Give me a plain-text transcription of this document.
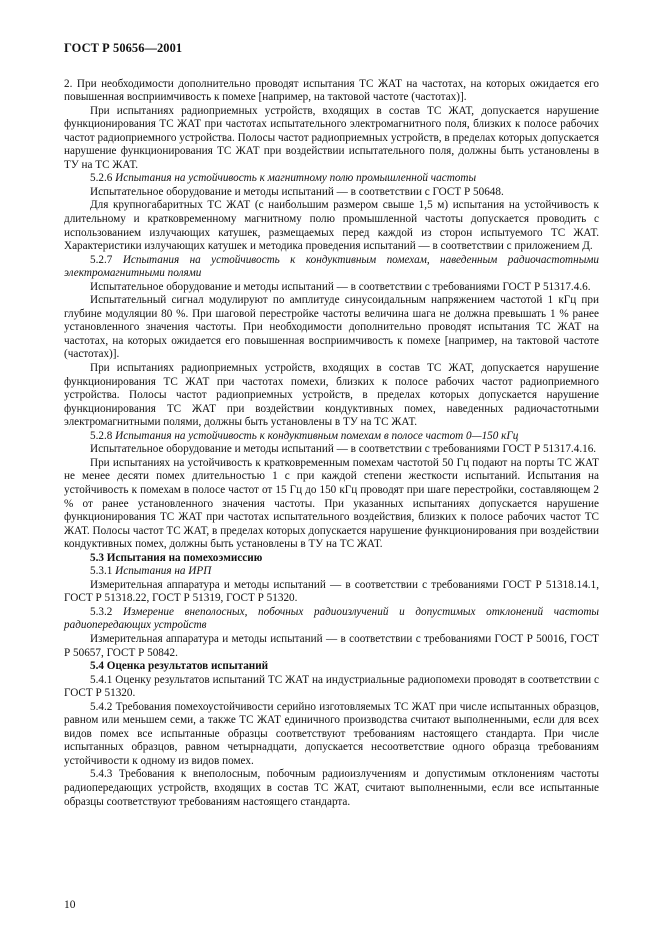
ГОСТ Р 50656—2001

2. При необходимости дополнительно проводят испытания ТС ЖАТ на частотах, на которых ожидается его повышенная восприимчивость к помехе [например, на тактовой частоте (частотах)].

При испытаниях радиоприемных устройств, входящих в состав ТС ЖАТ, допускается нарушение функционирования ТС ЖАТ при частотах испытательного электромагнитного поля, близких к полосе рабочих частот радиоприемного устройства. Полосы частот радиоприемных устройств, в пределах которых допускается нарушение функционирования ТС ЖАТ при воздействии испытательного поля, должны быть установлены в ТУ на ТС ЖАТ.

5.2.6 Испытания на устойчивость к магнитному полю промышленной частоты

Испытательное оборудование и методы испытаний — в соответствии с ГОСТ Р 50648.

Для крупногабаритных ТС ЖАТ (с наибольшим размером свыше 1,5 м) испытания на устойчивость к длительному и кратковременному магнитному полю промышленной частоты допускается проводить с использованием излучающих катушек, размещаемых перед каждой из сторон испытуемого ТС ЖАТ. Характеристики излучающих катушек и методика проведения испытаний — в соответствии с приложением Д.

5.2.7 Испытания на устойчивость к кондуктивным помехам, наведенным радиочастотными электромагнитными полями

Испытательное оборудование и методы испытаний — в соответствии с требованиями ГОСТ Р 51317.4.6.

Испытательный сигнал модулируют по амплитуде синусоидальным напряжением частотой 1 кГц при глубине модуляции 80 %. При шаговой перестройке частоты величина шага не должна превышать 1 % ранее установленного значения частоты. При необходимости дополнительно проводят испытания ТС ЖАТ на частотах, на которых ожидается его повышенная восприимчивость к помехе [например, на тактовой частоте (частотах)].

При испытаниях радиоприемных устройств, входящих в состав ТС ЖАТ, допускается нарушение функционирования ТС ЖАТ при частотах помехи, близких к полосе рабочих частот радиоприемного устройства. Полосы частот радиоприемных устройств, в пределах которых допускается нарушение функционирования ТС ЖАТ при воздействии кондуктивных помех, наведенных радиочастотными электромагнитными полями, должны быть установлены в ТУ на ТС ЖАТ.

5.2.8 Испытания на устойчивость к кондуктивным помехам в полосе частот 0—150 кГц

Испытательное оборудование и методы испытаний — в соответствии с требованиями ГОСТ Р 51317.4.16.

При испытаниях на устойчивость к кратковременным помехам частотой 50 Гц подают на порты ТС ЖАТ не менее десяти помех длительностью 1 с при каждой степени жесткости испытаний. Испытания на устойчивость к помехам в полосе частот от 15 Гц до 150 кГц проводят при шаге перестройки, составляющем 2 % от ранее установленного значения частоты. При указанных испытаниях допускается нарушение функционирования ТС ЖАТ при частотах испытательного воздействия, близких к полосе рабочих частот ТС ЖАТ. Полосы частот ТС ЖАТ, в пределах которых допускается нарушение функционирования при воздействии кондуктивных помех, должны быть установлены в ТУ на ТС ЖАТ.

5.3 Испытания на помехоэмиссию

5.3.1 Испытания на ИРП

Измерительная аппаратура и методы испытаний — в соответствии с требованиями ГОСТ Р 51318.14.1, ГОСТ Р 51318.22, ГОСТ Р 51319, ГОСТ Р 51320.

5.3.2 Измерение внеполосных, побочных радиоизлучений и допустимых отклонений частоты радиопередающих устройств

Измерительная аппаратура и методы испытаний — в соответствии с требованиями ГОСТ Р 50016, ГОСТ Р 50657, ГОСТ Р 50842.

5.4 Оценка результатов испытаний

5.4.1 Оценку результатов испытаний ТС ЖАТ на индустриальные радиопомехи проводят в соответствии с ГОСТ Р 51320.

5.4.2 Требования помехоустойчивости серийно изготовляемых ТС ЖАТ при числе испытанных образцов, равном или меньшем семи, а также ТС ЖАТ единичного производства считают выполненными, если для всех видов помех все испытанные образцы соответствуют требованиям настоящего стандарта. При числе испытанных образцов, равном четырнадцати, допускается несоответствие одного образца требованиям устойчивости к одному из видов помех.

5.4.3 Требования к внеполосным, побочным радиоизлучениям и допустимым отклонениям частоты радиопередающих устройств, входящих в состав ТС ЖАТ, считают выполненными, если все испытанные образцы соответствуют требованиям настоящего стандарта.

10
